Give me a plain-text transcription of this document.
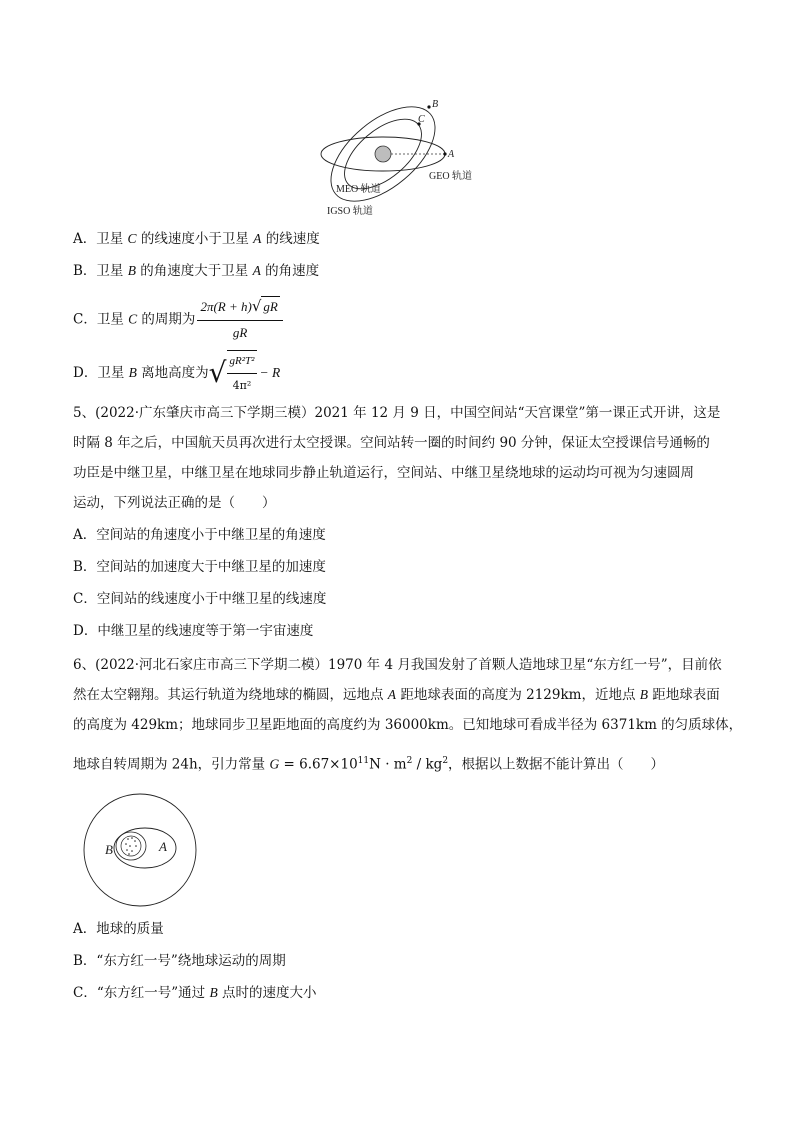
B
C
A
GEO 轨道
MEO 轨道
IGSO 轨道
A．卫星 C 的线速度小于卫星 A 的线速度
B．卫星 B 的角速度大于卫星 A 的角速度
C．卫星 C 的周期为 $\frac{2\pi(R + h)√ gR}{gR}$
D．卫星 B 离地高度为√ $\frac{\text{gR²T²}}{\text{4π²}} - R$
5、(2022·广东肇庆市高三下学期三模）2021 年 12 月 9 日，中国空间站“天宫课堂”第一课正式开讲，这是
时隔 8 年之后，中国航天员再次进行太空授课。空间站转一圈的时间约 90 分钟，保证太空授课信号通畅的
功臣是中继卫星，中继卫星在地球同步静止轨道运行，空间站、中继卫星绕地球的运动均可视为匀速圆周
运动，下列说法正确的是（　　）
A．空间站的角速度小于中继卫星的角速度
B．空间站的加速度大于中继卫星的加速度
C．空间站的线速度小于中继卫星的线速度
D．中继卫星的线速度等于第一宇宙速度
6、(2022·河北石家庄市高三下学期二模）1970 年 4 月我国发射了首颗人造地球卫星“东方红一号”，目前依
然在太空翱翔。其运行轨道为绕地球的椭圆，远地点 A 距地球表面的高度为 2129km，近地点 B 距地球表面
的高度为 429km；地球同步卫星距地面的高度约为 36000km。已知地球可看成半径为 6371km 的匀质球体，
地球自转周期为 24h，引力常量 $G = 6.67\times 10^{11}N \cdot m^2 / kg^2$，根据以上数据不能计算出（　　）
B	A
A．地球的质量
B．“东方红一号”绕地球运动的周期
C．“东方红一号”通过 B 点时的速度大小
